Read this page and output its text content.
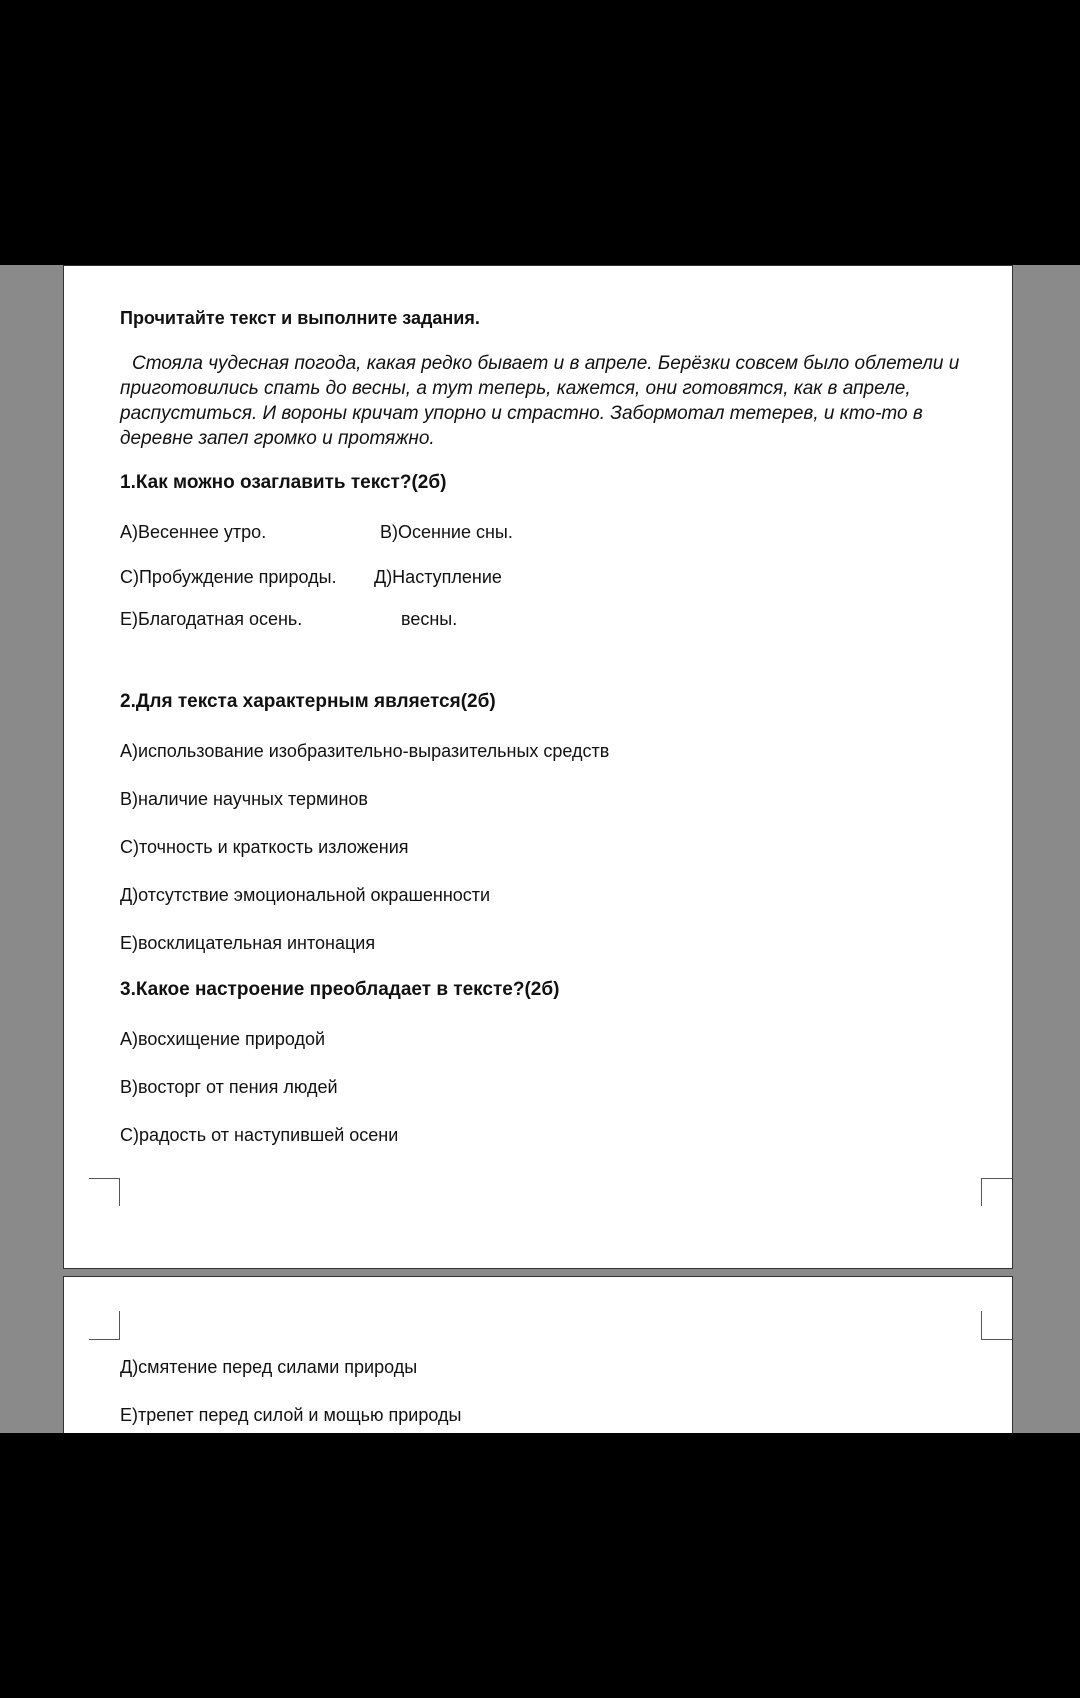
Прочитайте текст и выполните задания.
Стояла чудесная погода, какая редко бывает и в апреле. Берёзки совсем было облетели и приготовились спать до весны, а тут теперь, кажется, они готовятся, как в апреле, распуститься. И вороны кричат упорно и страстно. Забормотал тетерев, и кто-то в деревне запел громко и протяжно.
1.Как можно озаглавить текст?(2б)
А)Весеннее утро.	В)Осенние сны.
С)Пробуждение природы. Д)Наступление
Е)Благодатная осень.	весны.
2.Для текста характерным является(2б)
А)использование изобразительно-выразительных средств
В)наличие научных терминов
С)точность и краткость изложения
Д)отсутствие эмоциональной окрашенности
Е)восклицательная интонация
3.Какое настроение преобладает в тексте?(2б)
А)восхищение природой
В)восторг от пения людей
С)радость от наступившей осени
Д)смятение перед силами природы
Е)трепет перед силой и мощью природы
